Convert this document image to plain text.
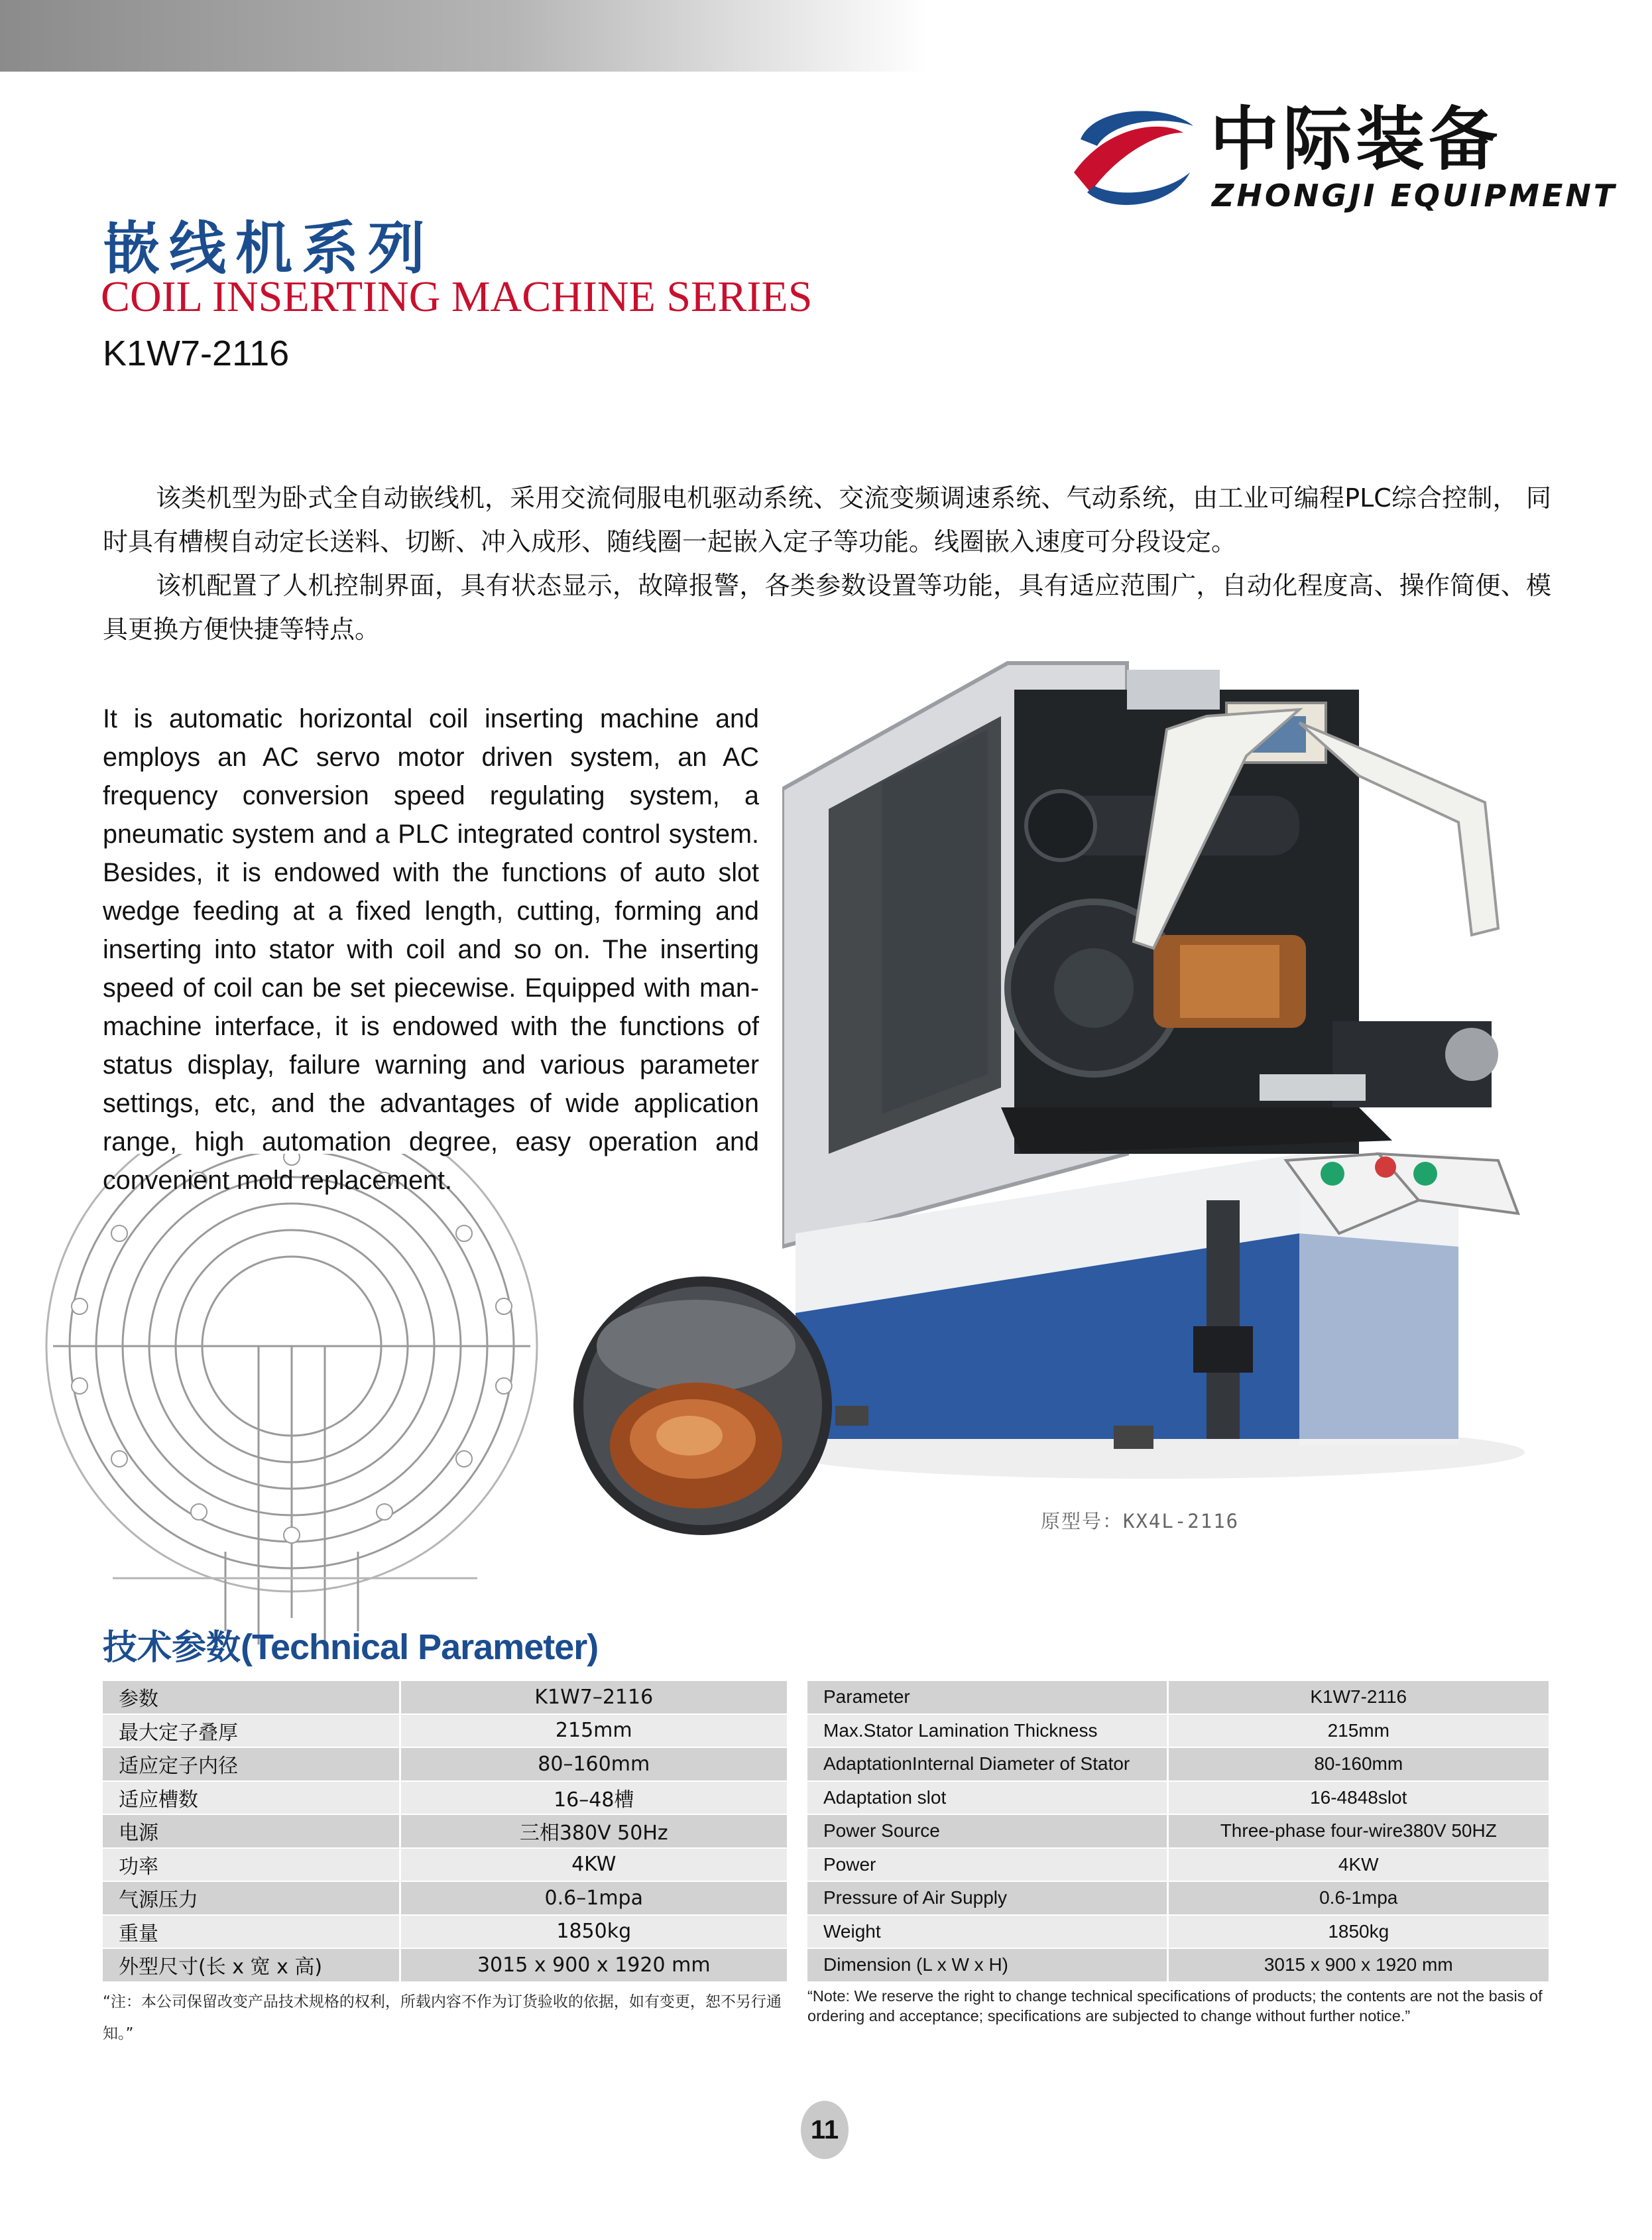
中际装备
ZHONGJI EQUIPMENT
嵌线机系列
COIL INSERTING MACHINE SERIES
K1W7-2116

该类机型为卧式全自动嵌线机，采用交流伺服电机驱动系统、交流变频调速系统、气动系统，由工业可编程PLC综合控制， 同时具有槽楔自动定长送料、切断、冲入成形、随线圈一起嵌入定子等功能。线圈嵌入速度可分段设定。

该机配置了人机控制界面，具有状态显示，故障报警，各类参数设置等功能，具有适应范围广，自动化程度高、操作简便、模具更换方便快捷等特点。

It is automatic horizontal coil inserting machine and employs an AC servo motor driven system, an AC frequency conversion speed regulating system, a pneumatic system and a PLC integrated control system. Besides, it is endowed with the functions of auto slot wedge feeding at a fixed length, cutting, forming and inserting into stator with coil and so on. The inserting speed of coil can be set piecewise. Equipped with man-machine interface, it is endowed with the functions of status display, failure warning and various parameter settings, etc, and the advantages of wide application range, high automation degree, easy operation and convenient mold replacement.

原型号：KX4L-2116
技术参数(Technical Parameter)
参数	K1W7–2116
最大定子叠厚	215mm
适应定子内径	80–160mm
适应槽数	16–48槽
电源	三相380V 50Hz
功率	4KW
气源压力	0.6–1mpa
重量	1850kg
外型尺寸(长 x 宽 x 高)	3015 x 900 x 1920 mm
Parameter	K1W7-2116
Max.Stator Lamination Thickness	215mm
AdaptationInternal Diameter of Stator	80-160mm
Adaptation slot	16-4848slot
Power Source	Three-phase four-wire380V 50HZ
Power	4KW
Pressure of Air Supply	0.6-1mpa
Weight	1850kg
Dimension (L x W x H)	3015 x 900 x 1920 mm
“注：本公司保留改变产品技术规格的权利，所载内容不作为订货验收的依据，如有变更，恕不另行通知。”
“Note: We reserve the right to change technical specifications of products; the contents are not the basis of ordering and acceptance; specifications are subjected to change without further notice.”
11
